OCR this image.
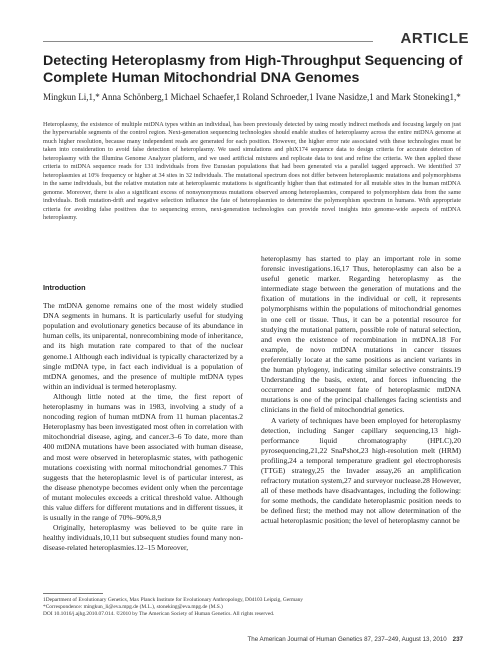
ARTICLE
Detecting Heteroplasmy from High-Throughput Sequencing of Complete Human Mitochondrial DNA Genomes
Mingkun Li,1,* Anna Schönberg,1 Michael Schaefer,1 Roland Schroeder,1 Ivane Nasidze,1 and Mark Stoneking1,*

Heteroplasmy, the existence of multiple mtDNA types within an individual, has been previously detected by using mostly indirect methods and focusing largely on just the hypervariable segments of the control region. Next-generation sequencing technologies should enable studies of heteroplasmy across the entire mtDNA genome at much higher resolution, because many independent reads are generated for each position. However, the higher error rate associated with these technologies must be taken into consideration to avoid false detection of heteroplasmy. We used simulations and phiX174 sequence data to design criteria for accurate detection of heteroplasmy with the Illumina Genome Analyzer platform, and we used artificial mixtures and replicate data to test and refine the criteria. We then applied these criteria to mtDNA sequence reads for 131 individuals from five Eurasian populations that had been generated via a parallel tagged approach. We identified 37 heteroplasmies at 10% frequency or higher at 34 sites in 32 individuals. The mutational spectrum does not differ between heteroplasmic mutations and polymorphisms in the same individuals, but the relative mutation rate at heteroplasmic mutations is significantly higher than that estimated for all mutable sites in the human mtDNA genome. Moreover, there is also a significant excess of nonsynonymous mutations observed among heteroplasmies, compared to polymorphism data from the same individuals. Both mutation-drift and negative selection influence the fate of heteroplasmies to determine the polymorphism spectrum in humans. With appropriate criteria for avoiding false positives due to sequencing errors, next-generation technologies can provide novel insights into genome-wide aspects of mtDNA heteroplasmy.

Introduction

The mtDNA genome remains one of the most widely studied DNA segments in humans. It is particularly useful for studying population and evolutionary genetics because of its abundance in human cells, its uniparental, nonrecombining mode of inheritance, and its high mutation rate compared to that of the nuclear genome.1 Although each individual is typically characterized by a single mtDNA type, in fact each individual is a population of mtDNA genomes, and the presence of multiple mtDNA types within an individual is termed heteroplasmy.

Although little noted at the time, the first report of heteroplasmy in humans was in 1983, involving a study of a noncoding region of human mtDNA from 11 human placentas.2 Heteroplasmy has been investigated most often in correlation with mitochondrial disease, aging, and cancer.3–6 To date, more than 400 mtDNA mutations have been associated with human disease, and most were observed in heteroplasmic states, with pathogenic mutations coexisting with normal mitochondrial genomes.7 This suggests that the heteroplasmic level is of particular interest, as the disease phenotype becomes evident only when the percentage of mutant molecules exceeds a critical threshold value. Although this value differs for different mutations and in different tissues, it is usually in the range of 70%–90%.8,9

Originally, heteroplasmy was believed to be quite rare in healthy individuals,10,11 but subsequent studies found many non-disease-related heteroplasmies.12–15 Moreover,

heteroplasmy has started to play an important role in some forensic investigations.16,17 Thus, heteroplasmy can also be a useful genetic marker. Regarding heteroplasmy as the intermediate stage between the generation of mutations and the fixation of mutations in the individual or cell, it represents polymorphisms within the populations of mitochondrial genomes in one cell or tissue. Thus, it can be a potential resource for studying the mutational pattern, possible role of natural selection, and even the existence of recombination in mtDNA.18 For example, de novo mtDNA mutations in cancer tissues preferentially locate at the same positions as ancient variants in the human phylogeny, indicating similar selective constraints.19 Understanding the basis, extent, and forces influencing the occurrence and subsequent fate of heteroplasmic mtDNA mutations is one of the principal challenges facing scientists and clinicians in the field of mitochondrial genetics.

A variety of techniques have been employed for heteroplasmy detection, including Sanger capillary sequencing,13 high-performance liquid chromatography (HPLC),20 pyrosequencing,21,22 SnaPshot,23 high-resolution melt (HRM) profiling,24 a temporal temperature gradient gel electrophoresis (TTGE) strategy,25 the Invader assay,26 an amplification refractory mutation system,27 and surveyor nuclease.28 However, all of these methods have disadvantages, including the following: for some methods, the candidate heteroplasmic position needs to be defined first; the method may not allow determination of the actual heteroplasmic position; the level of heteroplasmy cannot be

1Department of Evolutionary Genetics, Max Planck Institute for Evolutionary Anthropology, D04103 Leipzig, Germany
*Correspondence: mingkun_li@eva.mpg.de (M.L.), stoneking@eva.mpg.de (M.S.)
DOI 10.1016/j.ajhg.2010.07.014. ©2010 by The American Society of Human Genetics. All rights reserved.
The American Journal of Human Genetics 87, 237–249, August 13, 2010 237
